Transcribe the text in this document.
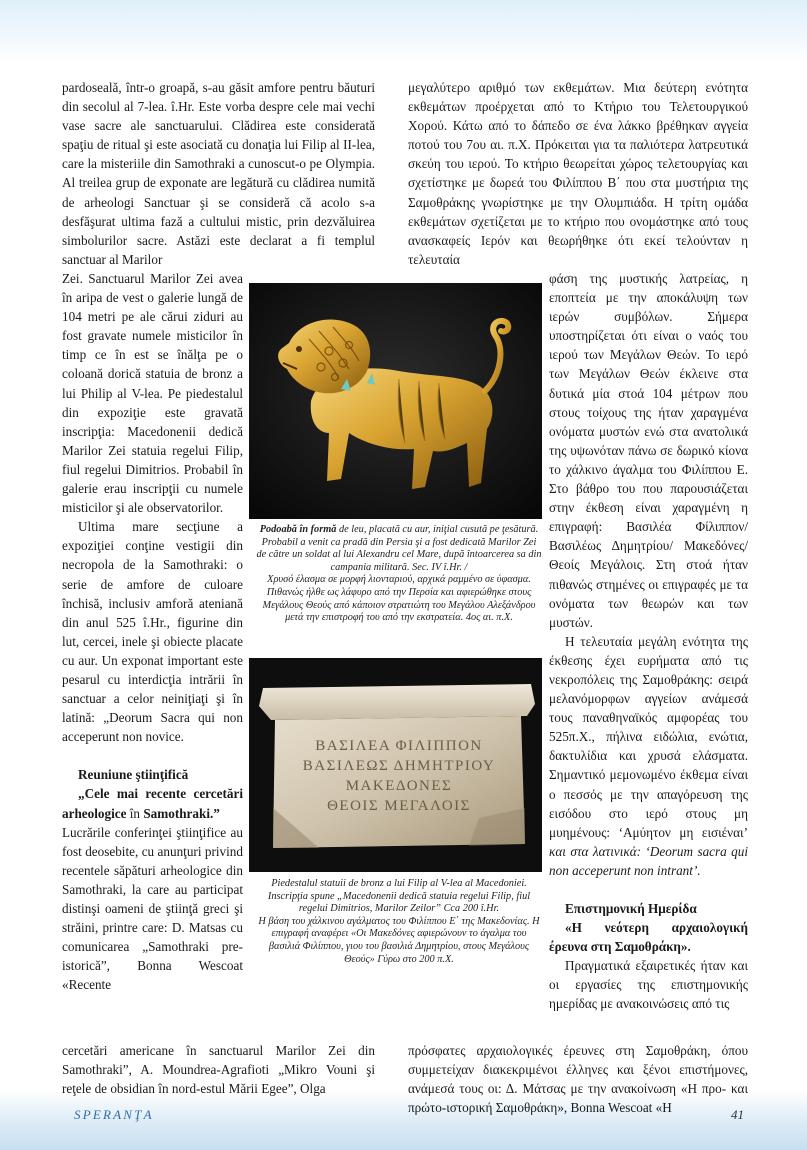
pardoseală, într-o groapă, s-au găsit amfore pentru băuturi din secolul al 7-lea. î.Hr. Este vorba despre cele mai vechi vase sacre ale sanctuarului. Clădirea este considerată spaţiu de ritual şi este asociată cu donaţia lui Filip al II-lea, care la misteriile din Samothraki a cunoscut-o pe Olympia. Al treilea grup de exponate are legătură cu clădirea numită de arheologi Sanctuar şi se consideră că acolo s-a desfăşurat ultima fază a cultului mistic, prin dezvăluirea simbolurilor sacre. Astăzi este declarat a fi templul sanctuar al Marilor

Zei. Sanctuarul Marilor Zei avea în aripa de vest o galerie lungă de 104 metri pe ale cărui ziduri au fost gravate numele misticilor în timp ce în est se înălţa pe o coloană dorică statuia de bronz a lui Philip al V-lea. Pe piedestalul din expoziţie este gravată inscripţia: Macedonenii dedică Marilor Zei statuia regelui Filip, fiul regelui Dimitrios. Probabil în galerie erau inscripţii cu numele misticilor şi ale observatorilor.

Ultima mare secţiune a expoziţiei conţine vestigii din necropola de la Samothraki: o serie de amfore de culoare închisă, inclusiv amforă ateniană din anul 525 î.Hr., figurine din lut, cercei, inele şi obiecte placate cu aur. Un exponat important este pesarul cu interdicţia intrării în sanctuar a celor neiniţiaţi şi în latină: „Deorum Sacra qui non acceperunt non novice.

Reuniune ştiinţifică

„Cele mai recente cercetări arheologice în Samothraki.”

Lucrările conferinţei ştiinţifice au fost deosebite, cu anunţuri privind recentele săpături arheologice din Samothraki, la care au participat distinşi oameni de ştiinţă greci şi străini, printre care: D. Matsas cu comunicarea „Samothraki pre-istorică”, Bonna Wescoat «Recente

cercetări americane în sanctuarul Marilor Zei din Samothraki”, A. Moundrea-Agrafioti „Mikro Vouni şi reţele de obsidian în nord-estul Mării Egee”, Olga

μεγαλύτερο αριθμό των εκθεμάτων. Μια δεύτερη ενότητα εκθεμάτων προέρχεται από το Κτήριο του Τελετουργικού Χορού. Κάτω από το δάπεδο σε ένα λάκκο βρέθηκαν αγγεία ποτού του 7ου αι. π.Χ. Πρόκειται για τα παλιότερα λατρευτικά σκεύη του ιερού. Το κτήριο θεωρείται χώρος τελετουργίας και σχετίστηκε με δωρεά του Φιλίππου Β΄ που στα μυστήρια της Σαμοθράκης γνωρίστηκε με την Ολυμπιάδα. Η τρίτη ομάδα εκθεμάτων σχετίζεται με το κτήριο που ονομάστηκε από τους ανασκαφείς Ιερόν και θεωρήθηκε ότι εκεί τελούνταν η τελευταία

φάση της μυστικής λατρείας, η εποπτεία με την αποκάλυψη των ιερών συμβόλων. Σήμερα υποστηρίζεται ότι είναι ο ναός του ιερού των Μεγάλων Θεών. Το ιερό των Μεγάλων Θεών έκλεινε στα δυτικά μία στοά 104 μέτρων που στους τοίχους της ήταν χαραγμένα ονόματα μυστών ενώ στα ανατολικά της υψωνόταν πάνω σε δωρικό κίονα το χάλκινο άγαλμα του Φιλίππου Ε. Στο βάθρο του που παρουσιάζεται στην έκθεση είναι χαραγμένη η επιγραφή: Βασιλέα Φίλιππον/Βασιλέως Δημητρίου/ Μακεδόνες/Θεοίς Μεγάλοις. Στη στοά ήταν πιθανώς στημένες οι επιγραφές με τα ονόματα των θεωρών και των μυστών.

Η τελευταία μεγάλη ενότητα της έκθεσης έχει ευρήματα από τις νεκροπόλεις της Σαμοθράκης: σειρά μελανόμορφων αγγείων ανάμεσά τους παναθηναϊκός αμφορέας του 525π.Χ., πήλινα ειδώλια, ενώτια, δακτυλίδια και χρυσά ελάσματα. Σημαντικό μεμονωμένο έκθεμα είναι ο πεσσός με την απαγόρευση της εισόδου στο ιερό στους μη μυημένους: ‘Αμύητον μη εισιέναι’ και στα λατινικά: ‘Deorum sacra qui non acceperunt non intrant’.

Επιστημονική Ημερίδα

«Η νεότερη αρχαιολογική έρευνα στη Σαμοθράκη».

Πραγματικά εξαιρετικές ήταν και οι εργασίες της επιστημονικής ημερίδας με ανακοινώσεις από τις

πρόσφατες αρχαιολογικές έρευνες στη Σαμοθράκη, όπου συμμετείχαν διακεκριμένοι έλληνες και ξένοι επιστήμονες, ανάμεσά τους οι: Δ. Μάτσας με την ανακοίνωση «Η προ- και πρώτο-ιστορική Σαμοθράκη», Bonna Wescoat «Η

Podoabă în formă de leu, placată cu aur, iniţial cusută pe ţesătură. Probabil a venit ca pradă din Persia şi a fost dedicată Marilor Zei de către un soldat al lui Alexandru cel Mare, după întoarcerea sa din campania militară. Sec. IV î.Hr. /
Χρυσό έλασμα σε μορφή λιονταριού, αρχικά ραμμένο σε ύφασμα. Πιθανώς ήλθε ως λάφυρο από την Περσία και αφιερώθηκε στους Μεγάλους Θεούς από κάποιον στρατιώτη του Μεγάλου Αλεξάνδρου μετά την επιστροφή του από την εκστρατεία. 4ος αι. π.Χ.
ΒΑΣΙΛΕΑ ΦΙΛΙΠΠΟΝ
ΒΑΣΙΛΕΩΣ ΔΗΜΗΤΡΙΟΥ
ΜΑΚΕΔΟΝΕΣ
ΘΕΟΙΣ ΜΕΓΑΛΟΙΣ
Piedestalul statuii de bronz a lui Filip al V-lea al Macedoniei. Inscripţia spune „Macedonenii dedică statuia regelui Filip, fiul regelui Dimitrios, Marilor Zeilor” Cca 200 î.Hr.
Η βάση του χάλκινου αγάλματος του Φιλίππου Ε΄ της Μακεδονίας. Η επιγραφή αναφέρει «Οι Μακεδόνες αφιερώνουν το άγαλμα του βασιλιά Φιλίππου, γιου του βασιλιά Δημητρίου, στους Μεγάλους Θεούς» Γύρω στο 200 π.Χ.
SPERANŢA	41
